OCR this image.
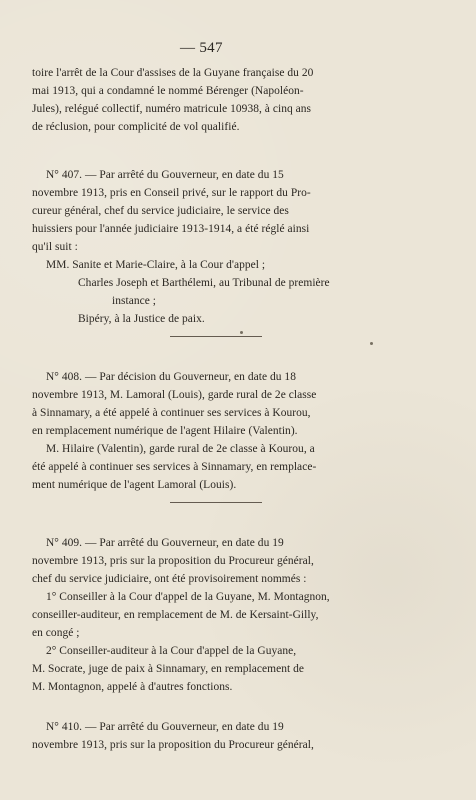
— 547
toire l'arrêt de la Cour d'assises de la Guyane française du 20
mai 1913, qui a condamné le nommé Bérenger (Napoléon-
Jules), relégué collectif, numéro matricule 10938, à cinq ans
de réclusion, pour complicité de vol qualifié.
N° 407. — Par arrêté du Gouverneur, en date du 15
novembre 1913, pris en Conseil privé, sur le rapport du Pro-
cureur général, chef du service judiciaire, le service des
huissiers pour l'année judiciaire 1913-1914, a été réglé ainsi
qu'il suit :
MM. Sanite et Marie-Claire, à la Cour d'appel ;
Charles Joseph et Barthélemi, au Tribunal de première
instance ;
Bipéry, à la Justice de paix.
N° 408. — Par décision du Gouverneur, en date du 18
novembre 1913, M. Lamoral (Louis), garde rural de 2e classe
à Sinnamary, a été appelé à continuer ses services à Kourou,
en remplacement numérique de l'agent Hilaire (Valentin).
M. Hilaire (Valentin), garde rural de 2e classe à Kourou, a
été appelé à continuer ses services à Sinnamary, en remplace-
ment numérique de l'agent Lamoral (Louis).
N° 409. — Par arrêté du Gouverneur, en date du 19
novembre 1913, pris sur la proposition du Procureur général,
chef du service judiciaire, ont été provisoirement nommés :
1° Conseiller à la Cour d'appel de la Guyane, M. Montagnon,
conseiller-auditeur, en remplacement de M. de Kersaint-Gilly,
en congé ;
2° Conseiller-auditeur à la Cour d'appel de la Guyane,
M. Socrate, juge de paix à Sinnamary, en remplacement de
M. Montagnon, appelé à d'autres fonctions.
N° 410. — Par arrêté du Gouverneur, en date du 19
novembre 1913, pris sur la proposition du Procureur général,
